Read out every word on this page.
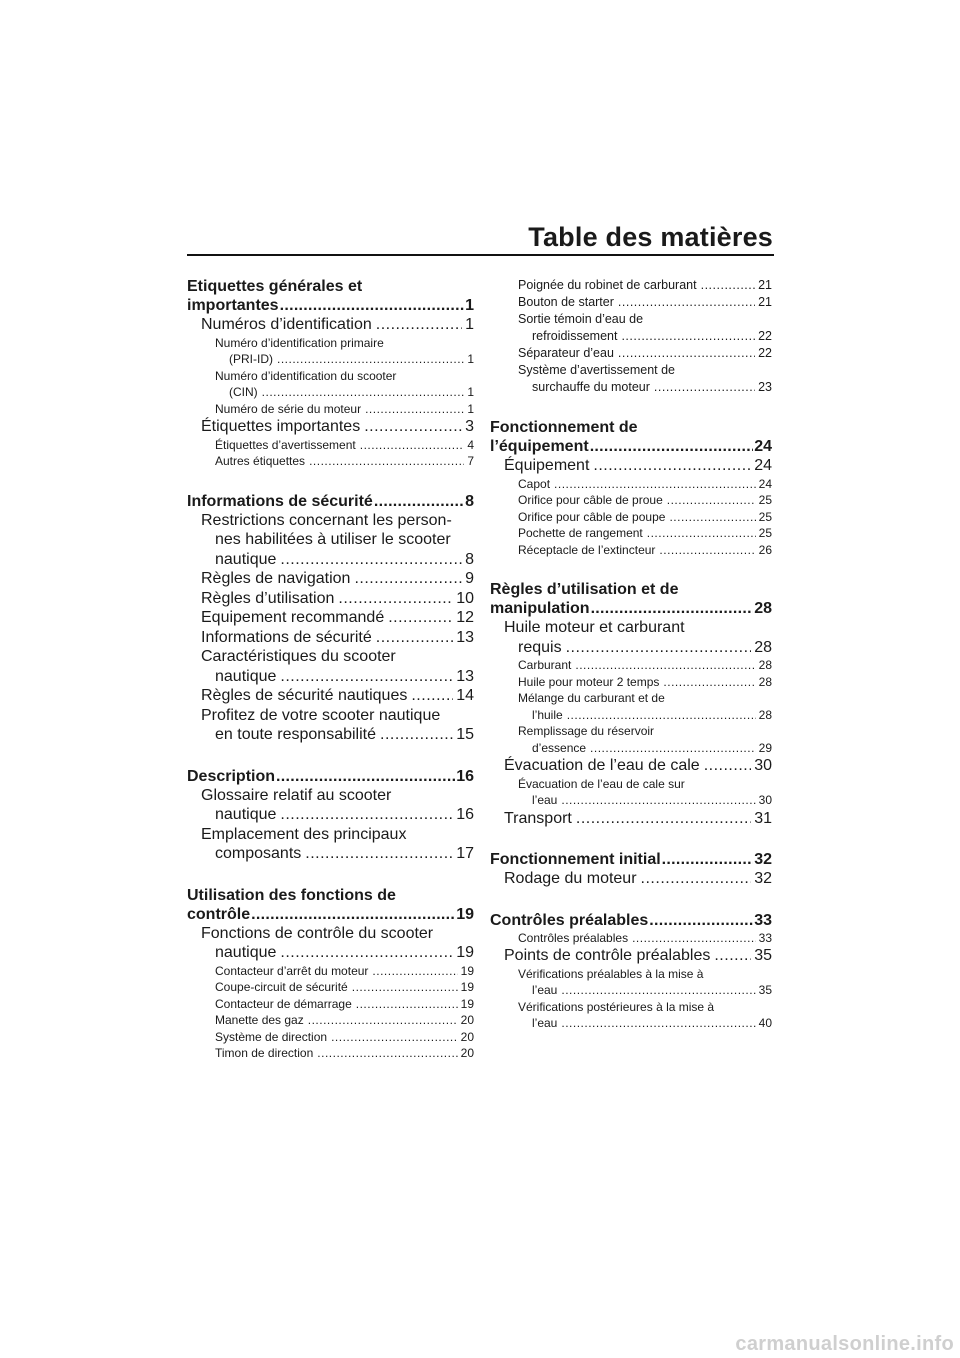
Table des matières
Etiquettes générales et
importantes .....	1
Numéros d’identification .....	1
Numéro d’identification primaire
(PRI-ID) .....	1
Numéro d’identification du scooter
(CIN) .....	1
Numéro de série du moteur .....	1
Étiquettes importantes .....	3
Étiquettes d’avertissement .....	4
Autres étiquettes .....	7
Informations de sécurité .....	8
Restrictions concernant les person-
nes habilitées à utiliser le scooter
nautique .....	8
Règles de navigation .....	9
Règles d’utilisation .....	10
Equipement recommandé .....	12
Informations de sécurité .....	13
Caractéristiques du scooter
nautique .....	13
Règles de sécurité nautiques .....	14
Profitez de votre scooter nautique
en toute responsabilité .....	15
Description .....	16
Glossaire relatif au scooter
nautique .....	16
Emplacement des principaux
composants .....	17
Utilisation des fonctions de
contrôle .....	19
Fonctions de contrôle du scooter
nautique .....	19
Contacteur d’arrêt du moteur .....	19
Coupe-circuit de sécurité .....	19
Contacteur de démarrage .....	19
Manette des gaz .....	20
Système de direction .....	20
Timon de direction .....	20
Poignée du robinet de carburant .....	21
Bouton de starter .....	21
Sortie témoin d’eau de
refroidissement .....	22
Séparateur d’eau .....	22
Système d’avertissement de
surchauffe du moteur .....	23
Fonctionnement de
l’équipement .....	24
Équipement .....	24
Capot .....	24
Orifice pour câble de proue .....	25
Orifice pour câble de poupe .....	25
Pochette de rangement .....	25
Réceptacle de l’extincteur .....	26
Règles d’utilisation et de
manipulation .....	28
Huile moteur et carburant
requis .....	28
Carburant .....	28
Huile pour moteur 2 temps .....	28
Mélange du carburant et de
l’huile .....	28
Remplissage du réservoir
d’essence .....	29
Évacuation de l’eau de cale .....	30
Évacuation de l’eau de cale sur
l’eau .....	30
Transport .....	31
Fonctionnement initial .....	32
Rodage du moteur .....	32
Contrôles préalables .....	33
Contrôles préalables .....	33
Points de contrôle préalables .....	35
Vérifications préalables à la mise à
l’eau .....	35
Vérifications postérieures à la mise à
l’eau .....	40
carmanualsonline.info
